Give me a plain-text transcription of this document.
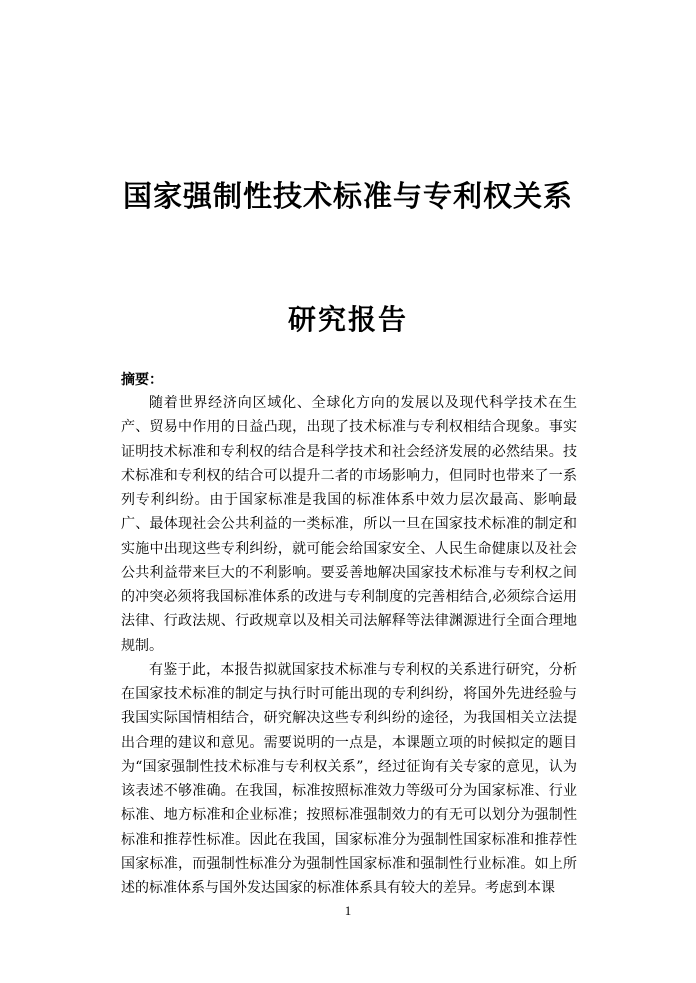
国家强制性技术标准与专利权关系
研究报告
摘要：

随着世界经济向区域化、全球化方向的发展以及现代科学技术在生产、贸易中作用的日益凸现，出现了技术标准与专利权相结合现象。事实证明技术标准和专利权的结合是科学技术和社会经济发展的必然结果。技术标准和专利权的结合可以提升二者的市场影响力，但同时也带来了一系列专利纠纷。由于国家标准是我国的标准体系中效力层次最高、影响最广、最体现社会公共利益的一类标准，所以一旦在国家技术标准的制定和实施中出现这些专利纠纷，就可能会给国家安全、人民生命健康以及社会公共利益带来巨大的不利影响。要妥善地解决国家技术标准与专利权之间的冲突必须将我国标准体系的改进与专利制度的完善相结合,必须综合运用法律、行政法规、行政规章以及相关司法解释等法律渊源进行全面合理地规制。

有鉴于此，本报告拟就国家技术标准与专利权的关系进行研究，分析在国家技术标准的制定与执行时可能出现的专利纠纷，将国外先进经验与我国实际国情相结合，研究解决这些专利纠纷的途径，为我国相关立法提出合理的建议和意见。需要说明的一点是，本课题立项的时候拟定的题目为“国家强制性技术标准与专利权关系”，经过征询有关专家的意见，认为该表述不够准确。在我国，标准按照标准效力等级可分为国家标准、行业标准、地方标准和企业标准；按照标准强制效力的有无可以划分为强制性标准和推荐性标准。因此在我国，国家标准分为强制性国家标准和推荐性国家标准，而强制性标准分为强制性国家标准和强制性行业标准。如上所述的标准体系与国外发达国家的标准体系具有较大的差异。考虑到本课

1
